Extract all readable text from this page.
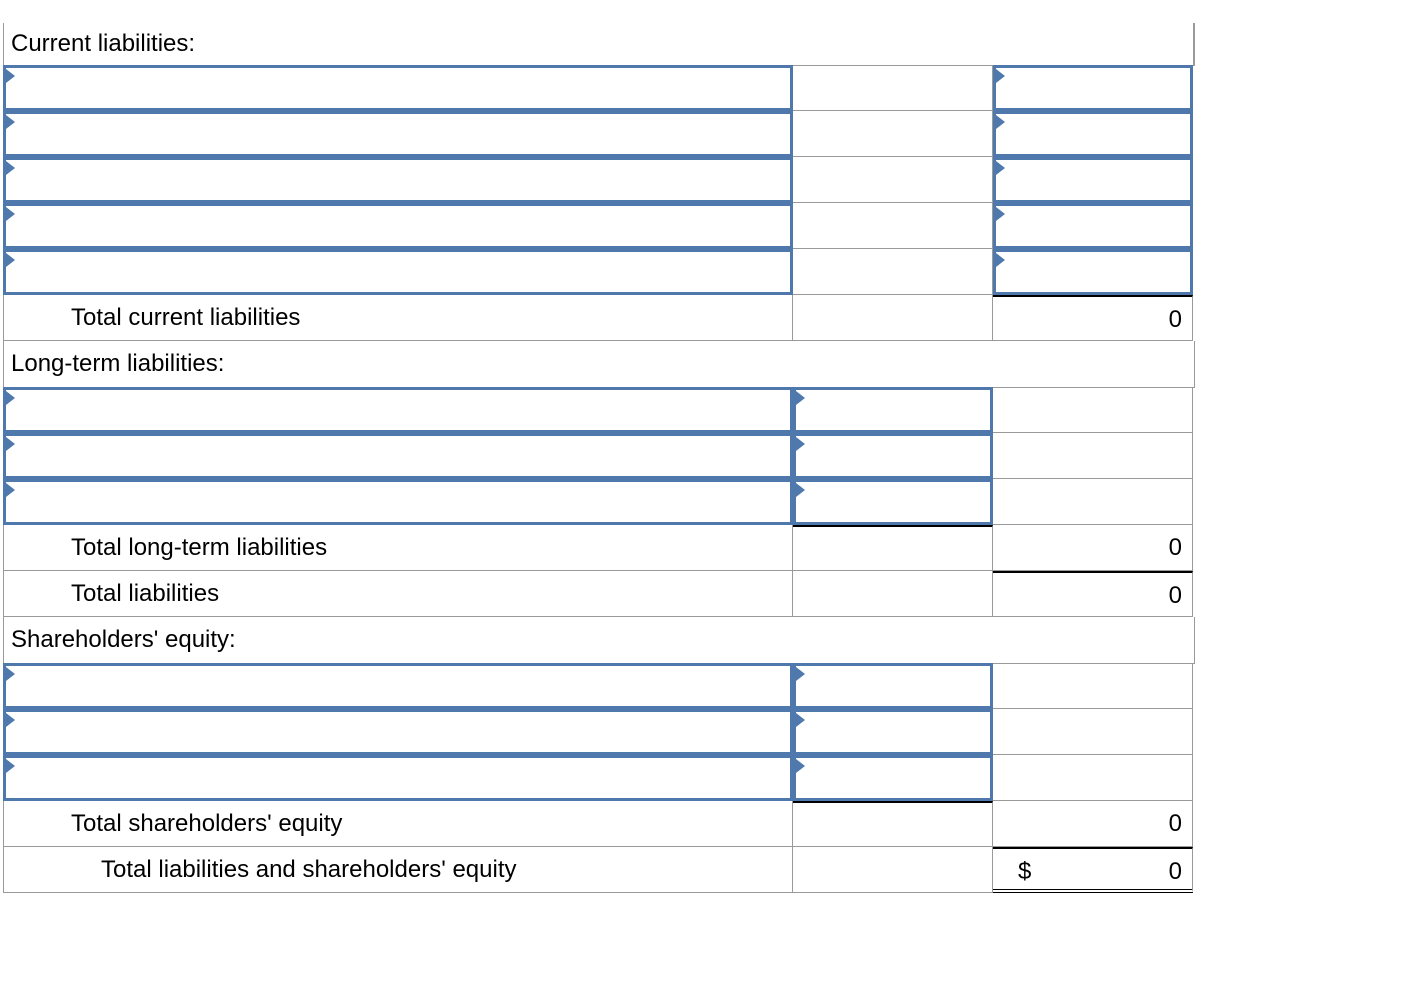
Current liabilities:
Total current liabilities	0
Long-term liabilities:
Total long-term liabilities	0
Total liabilities	0
Shareholders' equity:
Total shareholders' equity	0
Total liabilities and shareholders' equity	$	0
